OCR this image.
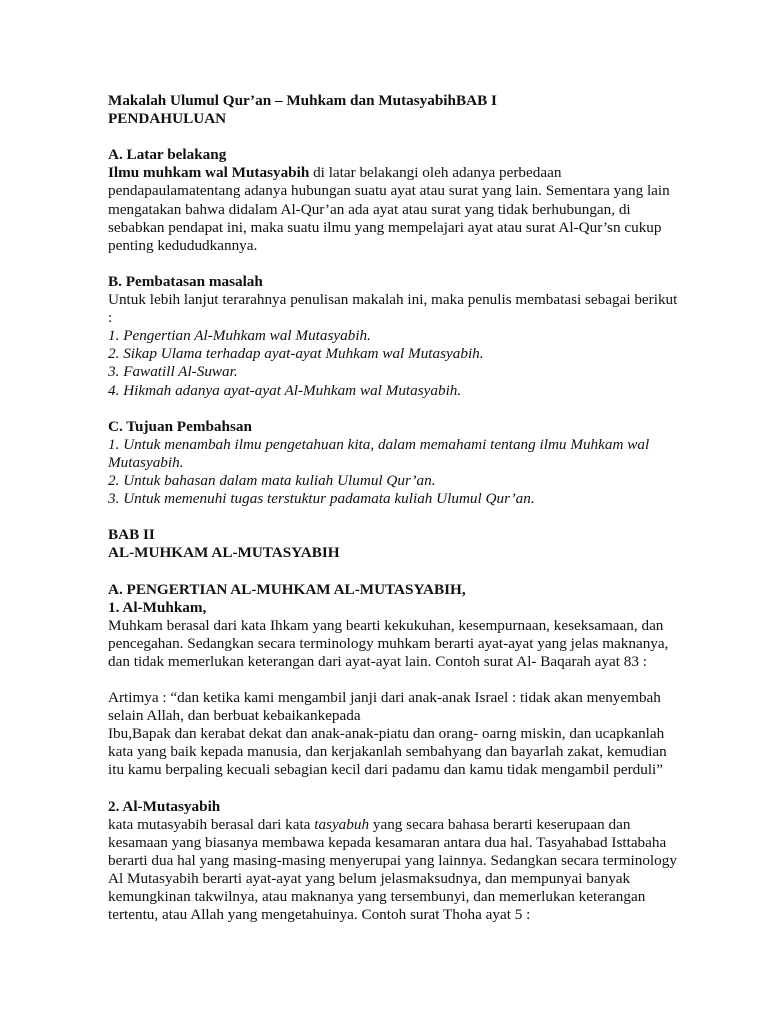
Makalah Ulumul Qur’an – Muhkam dan MutasyabihBAB I
PENDAHULUAN
A. Latar belakang
Ilmu muhkam wal Mutasyabih di latar belakangi oleh adanya perbedaan
pendapaulamatentang adanya hubungan suatu ayat atau surat yang lain. Sementara yang lain
mengatakan bahwa didalam Al-Qur’an ada ayat atau surat yang tidak berhubungan, di
sebabkan pendapat ini, maka suatu ilmu yang mempelajari ayat atau surat Al-Qur’sn cukup
penting kedududkannya.
B. Pembatasan masalah
Untuk lebih lanjut terarahnya penulisan makalah ini, maka penulis membatasi sebagai berikut
:
1. Pengertian Al-Muhkam wal Mutasyabih.
2. Sikap Ulama terhadap ayat-ayat Muhkam wal Mutasyabih.
3. Fawatill Al-Suwar.
4. Hikmah adanya ayat-ayat Al-Muhkam wal Mutasyabih.
C. Tujuan Pembahsan
1. Untuk menambah ilmu pengetahuan kita, dalam memahami tentang ilmu Muhkam wal
Mutasyabih.
2. Untuk bahasan dalam mata kuliah Ulumul Qur’an.
3. Untuk memenuhi tugas terstuktur padamata kuliah Ulumul Qur’an.
BAB II
AL-MUHKAM AL-MUTASYABIH
A. PENGERTIAN AL-MUHKAM AL-MUTASYABIH,
1. Al-Muhkam,
Muhkam berasal dari kata Ihkam yang bearti kekukuhan, kesempurnaan, keseksamaan, dan
pencegahan. Sedangkan secara terminology muhkam berarti ayat-ayat yang jelas maknanya,
dan tidak memerlukan keterangan dari ayat-ayat lain. Contoh surat Al- Baqarah ayat 83 :
Artimya : “dan ketika kami mengambil janji dari anak-anak Israel : tidak akan menyembah
selain Allah, dan berbuat kebaikankepada
Ibu,Bapak dan kerabat dekat dan anak-anak-piatu dan orang- oarng miskin, dan ucapkanlah
kata yang baik kepada manusia, dan kerjakanlah sembahyang dan bayarlah zakat, kemudian
itu kamu berpaling kecuali sebagian kecil dari padamu dan kamu tidak mengambil perduli”
2. Al-Mutasyabih
kata mutasyabih berasal dari kata tasyabuh yang secara bahasa berarti keserupaan dan
kesamaan yang biasanya membawa kepada kesamaran antara dua hal. Tasyahabad Isttabaha
berarti dua hal yang masing-masing menyerupai yang lainnya. Sedangkan secara terminology
Al Mutasyabih berarti ayat-ayat yang belum jelasmaksudnya, dan mempunyai banyak
kemungkinan takwilnya, atau maknanya yang tersembunyi, dan memerlukan keterangan
tertentu, atau Allah yang mengetahuinya. Contoh surat Thoha ayat 5 :
